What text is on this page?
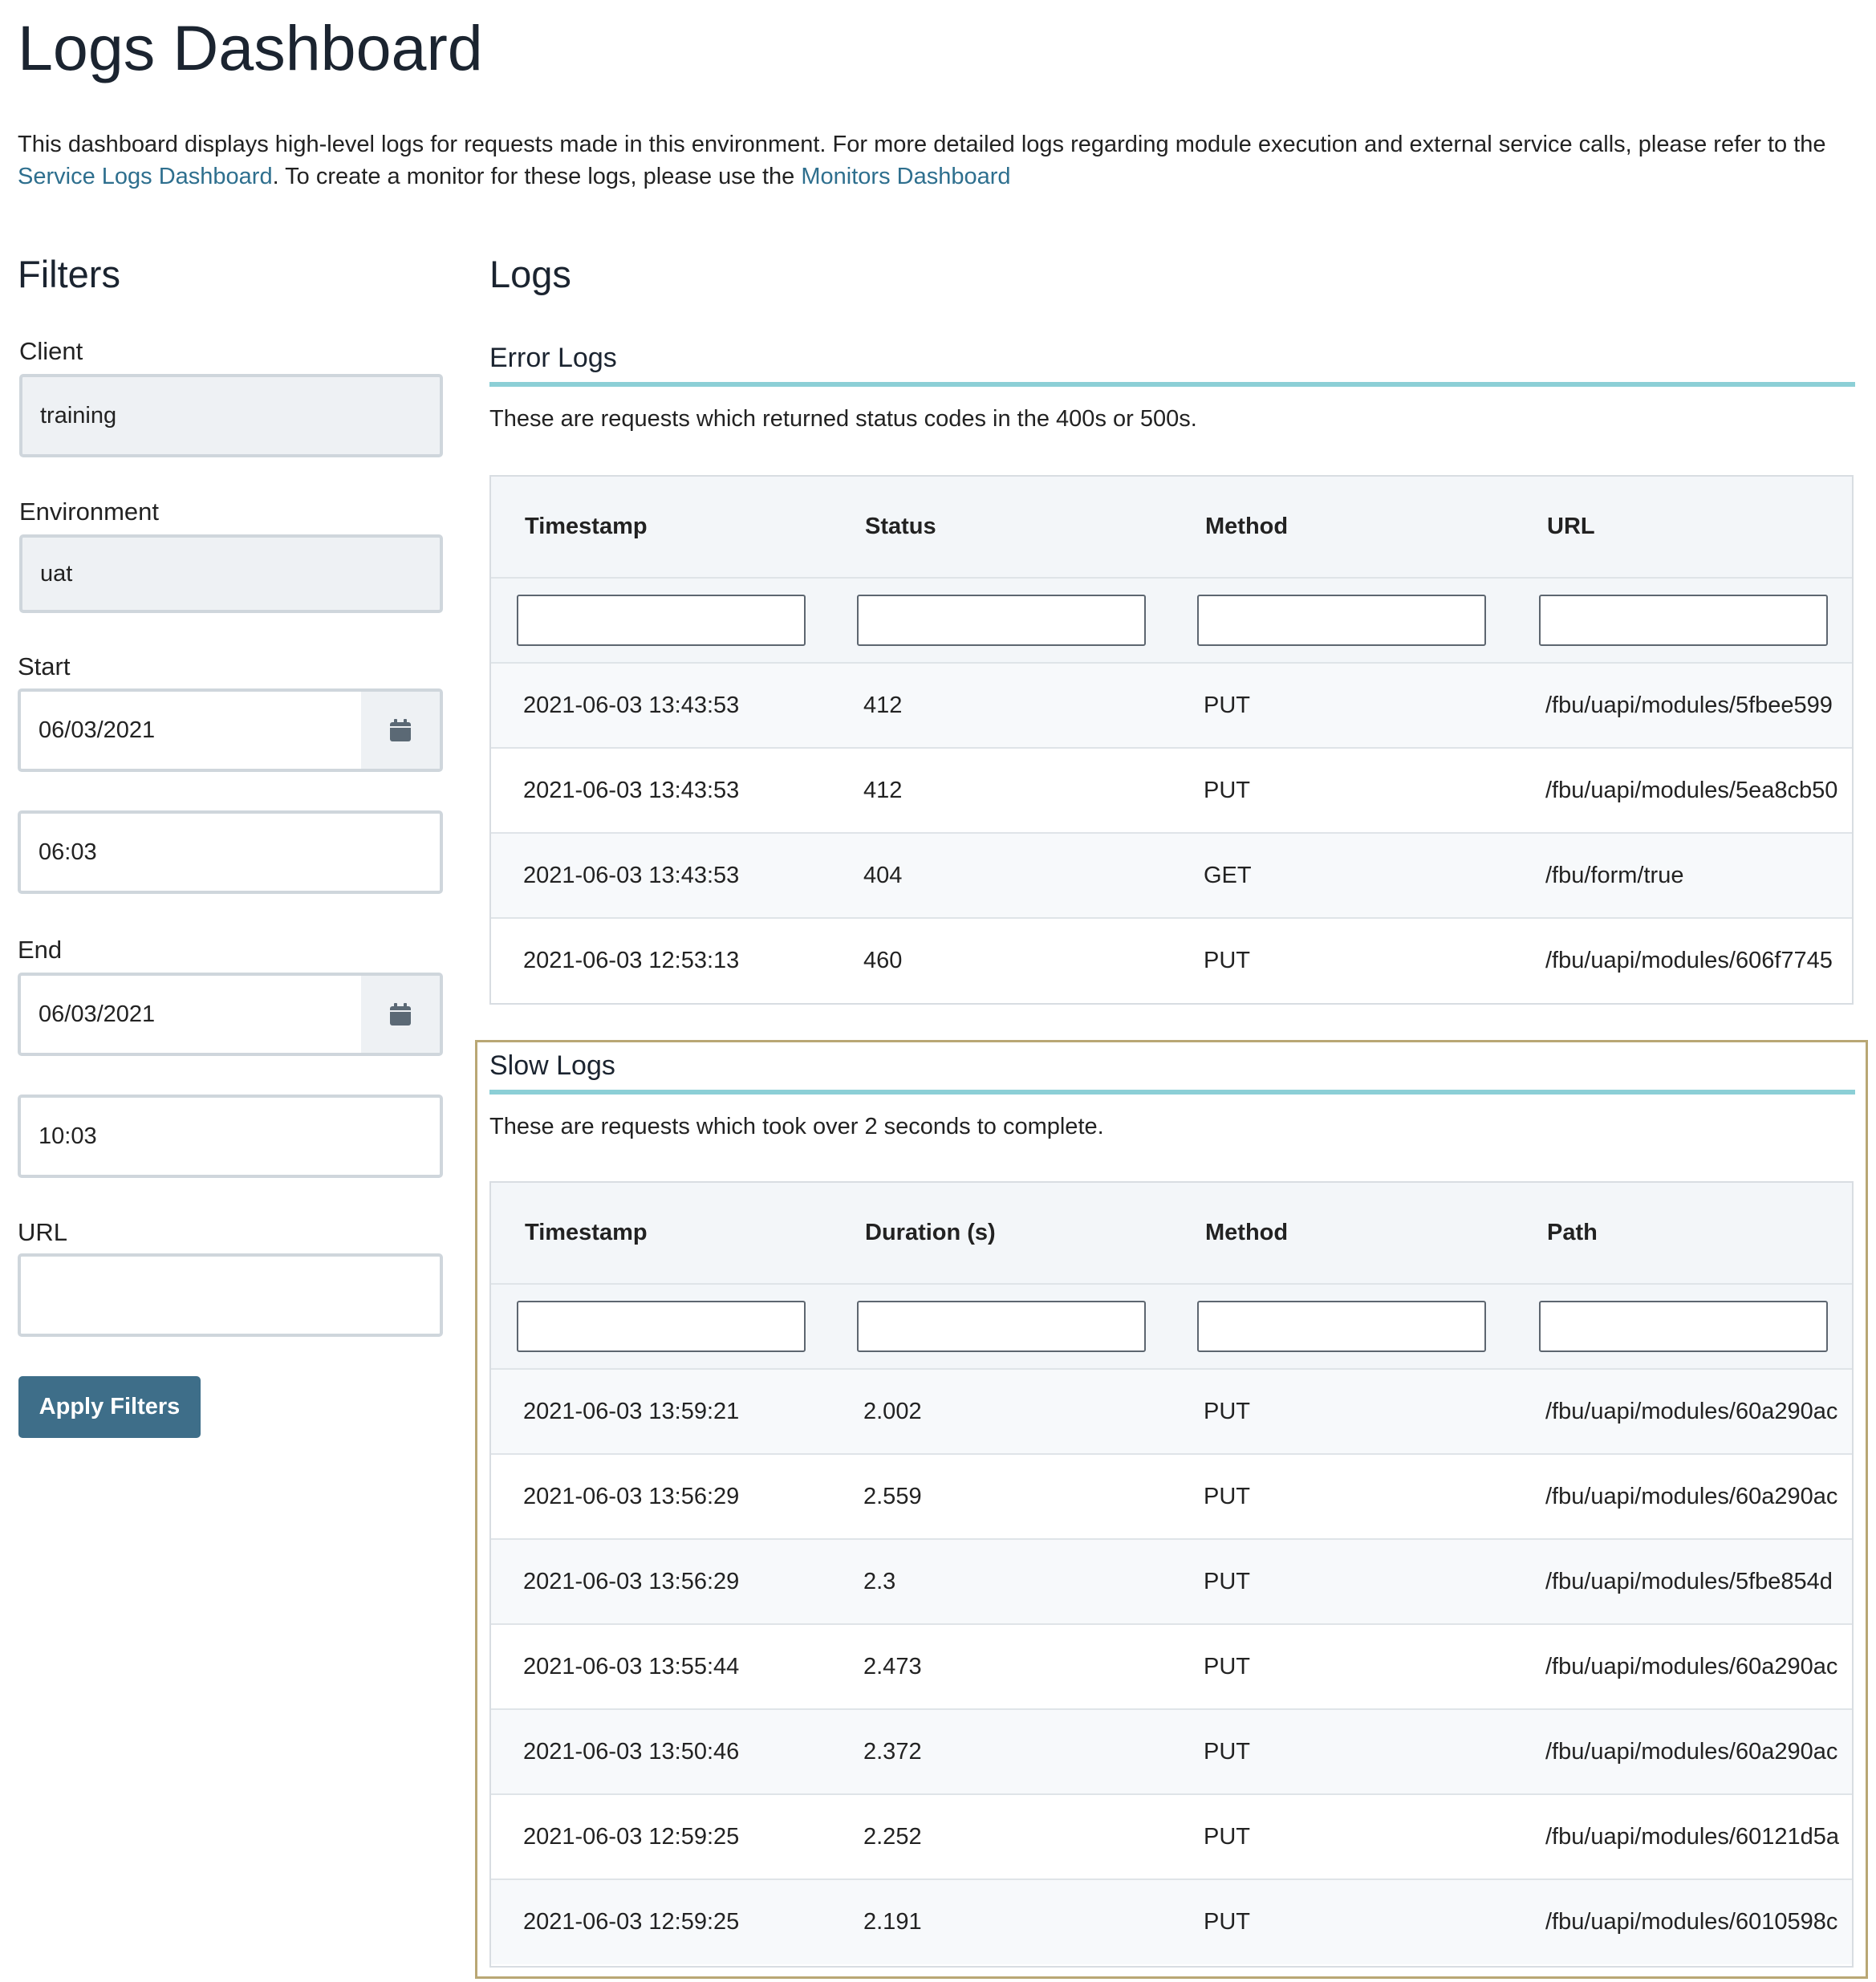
Logs Dashboard

This dashboard displays high-level logs for requests made in this environment. For more detailed logs regarding module execution and external service calls, please refer to the Service Logs Dashboard. To create a monitor for these logs, please use the Monitors Dashboard

Filters
Client
training
Environment
uat
Start
06/03/2021
06:03
End
06/03/2021
10:03
URL
Apply Filters
Logs
Error Logs
These are requests which returned status codes in the 400s or 500s.
Timestamp	Status	Method	URL

2021-06-03 13:43:53	412	PUT	/fbu/uapi/modules/5fbee599
2021-06-03 13:43:53	412	PUT	/fbu/uapi/modules/5ea8cb50
2021-06-03 13:43:53	404	GET	/fbu/form/true
2021-06-03 12:53:13	460	PUT	/fbu/uapi/modules/606f7745
Slow Logs
These are requests which took over 2 seconds to complete.
Timestamp	Duration (s)	Method	Path

2021-06-03 13:59:21	2.002	PUT	/fbu/uapi/modules/60a290ac
2021-06-03 13:56:29	2.559	PUT	/fbu/uapi/modules/60a290ac
2021-06-03 13:56:29	2.3	PUT	/fbu/uapi/modules/5fbe854d
2021-06-03 13:55:44	2.473	PUT	/fbu/uapi/modules/60a290ac
2021-06-03 13:50:46	2.372	PUT	/fbu/uapi/modules/60a290ac
2021-06-03 12:59:25	2.252	PUT	/fbu/uapi/modules/60121d5a
2021-06-03 12:59:25	2.191	PUT	/fbu/uapi/modules/6010598c
